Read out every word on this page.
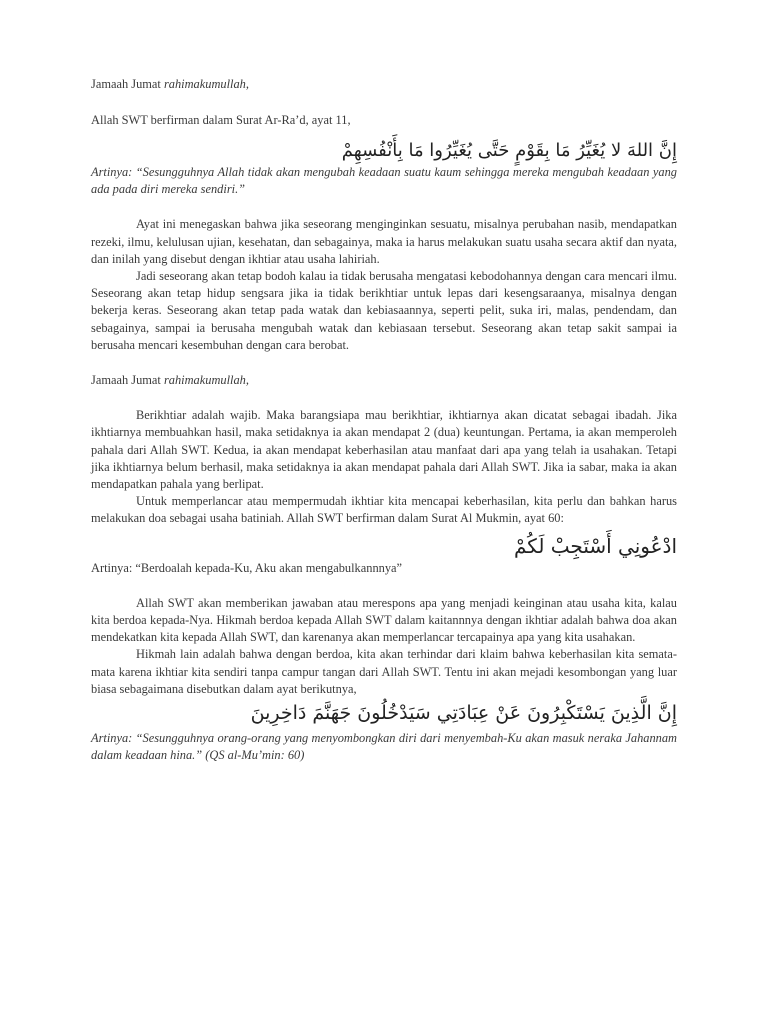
Jamaah Jumat rahimakumullah,

Allah SWT berfirman dalam Surat Ar-Ra’d, ayat 11,

إِنَّ اللهَ لا يُغَيِّرُ مَا بِقَوْمٍ حَتَّى يُغَيِّرُوا مَا بِأَنْفُسِهِمْ

Artinya: “Sesungguhnya Allah tidak akan mengubah keadaan suatu kaum sehingga mereka mengubah keadaan yang ada pada diri mereka sendiri.”

Ayat ini menegaskan bahwa jika seseorang menginginkan sesuatu, misalnya perubahan nasib, mendapatkan rezeki, ilmu, kelulusan ujian, kesehatan, dan sebagainya, maka ia harus melakukan suatu usaha secara aktif dan nyata, dan inilah yang disebut dengan ikhtiar atau usaha lahiriah.

Jadi seseorang akan tetap bodoh kalau ia tidak berusaha mengatasi kebodohannya dengan cara mencari ilmu. Seseorang akan tetap hidup sengsara jika ia tidak berikhtiar untuk lepas dari kesengsaraanya, misalnya dengan bekerja keras. Seseorang akan tetap pada watak dan kebiasaannya, seperti pelit, suka iri, malas, pendendam, dan sebagainya, sampai ia berusaha mengubah watak dan kebiasaan tersebut. Seseorang akan tetap sakit sampai ia berusaha mencari kesembuhan dengan cara berobat.

Jamaah Jumat rahimakumullah,

Berikhtiar adalah wajib. Maka barangsiapa mau berikhtiar, ikhtiarnya akan dicatat sebagai ibadah. Jika ikhtiarnya membuahkan hasil, maka setidaknya ia akan mendapat 2 (dua) keuntungan. Pertama, ia akan memperoleh pahala dari Allah SWT. Kedua, ia akan mendapat keberhasilan atau manfaat dari apa yang telah ia usahakan. Tetapi jika ikhtiarnya belum berhasil, maka setidaknya ia akan mendapat pahala dari Allah SWT. Jika ia sabar, maka ia akan mendapatkan pahala yang berlipat.

Untuk memperlancar atau mempermudah ikhtiar kita mencapai keberhasilan, kita perlu dan bahkan harus melakukan doa sebagai usaha batiniah. Allah SWT berfirman dalam Surat Al Mukmin, ayat 60:

ادْعُونِي أَسْتَجِبْ لَكُمْ

Artinya: “Berdoalah kepada-Ku, Aku akan mengabulkannnya”

Allah SWT akan memberikan jawaban atau merespons apa yang menjadi keinginan atau usaha kita, kalau kita berdoa kepada-Nya. Hikmah berdoa kepada Allah SWT dalam kaitannnya dengan ikhtiar adalah bahwa doa akan mendekatkan kita kepada Allah SWT, dan karenanya akan memperlancar tercapainya apa yang kita usahakan.

Hikmah lain adalah bahwa dengan berdoa, kita akan terhindar dari klaim bahwa keberhasilan kita semata-mata karena ikhtiar kita sendiri tanpa campur tangan dari Allah SWT. Tentu ini akan mejadi kesombongan yang luar biasa sebagaimana disebutkan dalam ayat berikutnya,

إِنَّ الَّذِينَ يَسْتَكْبِرُونَ عَنْ عِبَادَتِي سَيَدْخُلُونَ جَهَنَّمَ دَاخِرِينَ

Artinya: “Sesungguhnya orang-orang yang menyombongkan diri dari menyembah-Ku akan masuk neraka Jahannam dalam keadaan hina.” (QS al-Mu’min: 60)
